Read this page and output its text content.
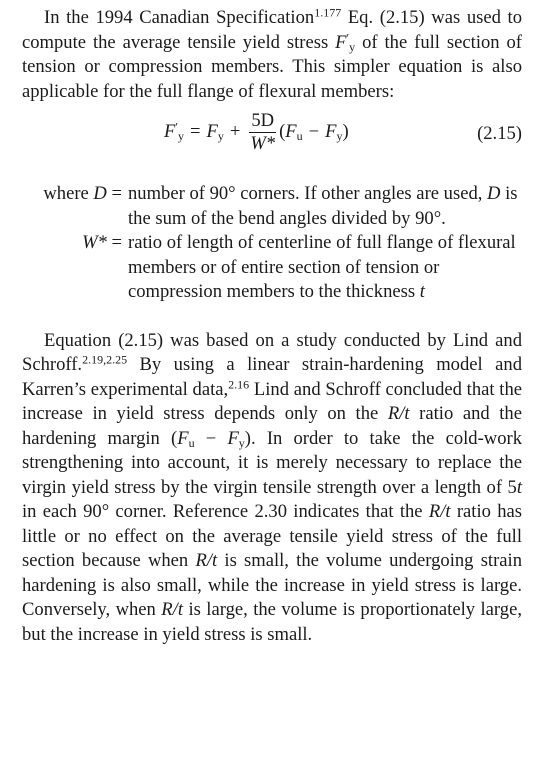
In the 1994 Canadian Specification$^{1.177}$ Eq. (2.15) was used to compute the average tensile yield stress $F'_y$ of the full section of tension or compression members. This simpler equation is also applicable for the full flange of flexural members:

$F'_y = F_y + \frac{5D}{W*} (F_u - F_y)$	(2.15)
where D = number of 90° corners. If other angles are used, D is the sum of the bend angles divided by 90°.
W* = ratio of length of centerline of full flange of flexural members or of entire section of tension or compression members to the thickness t

Equation (2.15) was based on a study conducted by Lind and Schroff.$^{2.19,2.25}$ By using a linear strain-hardening model and Karren’s experimental data,$^{2.16}$ Lind and Schroff concluded that the increase in yield stress depends only on the R/t ratio and the hardening margin $(F_u - F_y)$. In order to take the cold-work strengthening into account, it is merely necessary to replace the virgin yield stress by the virgin tensile strength over a length of 5t in each 90° corner. Reference 2.30 indicates that the R/t ratio has little or no effect on the average tensile yield stress of the full section because when R/t is small, the volume undergoing strain hardening is also small, while the increase in yield stress is large. Conversely, when R/t is large, the volume is proportionately large, but the increase in yield stress is small.
